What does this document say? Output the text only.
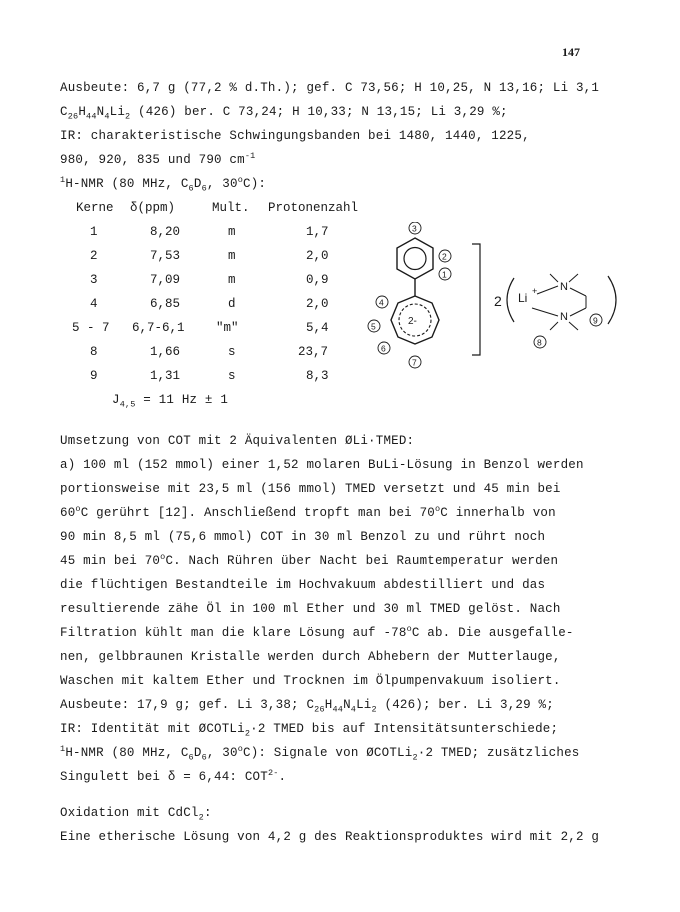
147
Ausbeute: 6,7 g (77,2 % d.Th.); gef. C 73,56; H 10,25, N 13,16; Li 3,1
$C_{26}H_{44}N_4Li_2$ (426) ber. C 73,24; H 10,33; N 13,15; Li 3,29 %;
IR: charakteristische Schwingungsbanden bei 1480, 1440, 1225,
980, 920, 835 und 790 $cm^{-1}$
$^1$H-NMR (80 MHz, $C_6D_6$, 30$^o$C):
Kerne δ(ppm)	Mult. Protonenzahl
1	8,20	m	1,7
2	7,53	m	2,0
3	7,09	m	0,9
4	6,85	d	2,0
5 - 7 6,7-6,1	"m"	5,4
8	1,66	s	23,7
9	1,31	s	8,3
$J_{4,5} = 11$ Hz ± 1
2-
3
2
1
4
5
6
7
2 Li + N
N
8
9
Umsetzung von COT mit 2 Äquivalenten ØLi·TMED:
a) 100 ml (152 mmol) einer 1,52 molaren BuLi-Lösung in Benzol werden
portionsweise mit 23,5 ml (156 mmol) TMED versetzt und 45 min bei
60$^o$C gerührt [12]. Anschließend tropft man bei 70$^o$C innerhalb von
90 min 8,5 ml (75,6 mmol) COT in 30 ml Benzol zu und rührt noch
45 min bei 70$^o$C. Nach Rühren über Nacht bei Raumtemperatur werden
die flüchtigen Bestandteile im Hochvakuum abdestilliert und das
resultierende zähe Öl in 100 ml Ether und 30 ml TMED gelöst. Nach
Filtration kühlt man die klare Lösung auf -78$^o$C ab. Die ausgefalle-
nen, gelbbraunen Kristalle werden durch Abhebern der Mutterlauge,
Waschen mit kaltem Ether und Trocknen im Ölpumpenvakuum isoliert.
Ausbeute: 17,9 g; gef. Li 3,38; $C_{26}H_{44}N_4Li_2$ (426); ber. Li 3,29 %;
IR: Identität mit ØCOTLi$_2$·2 TMED bis auf Intensitätsunterschiede;
$^1$H-NMR (80 MHz, $C_6D_6$, 30$^o$C): Signale von ØCOTLi$_2$·2 TMED; zusätzliches
Singulett bei δ = 6,44: $COT^{2-}$.
Oxidation mit CdCl$_2$:
Eine etherische Lösung von 4,2 g des Reaktionsproduktes wird mit 2,2 g
